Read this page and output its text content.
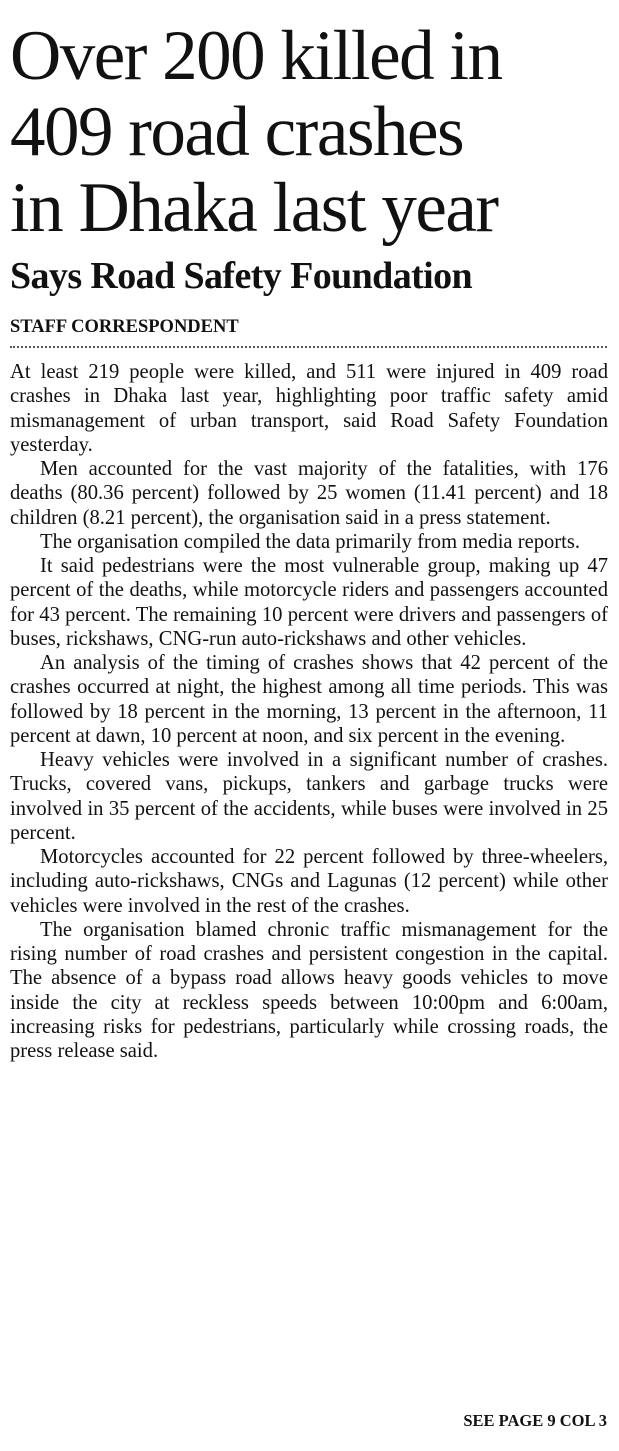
Over 200 killed in
409 road crashes
in Dhaka last year
Says Road Safety Foundation
STAFF CORRESPONDENT

At least 219 people were killed, and 511 were injured in 409 road crashes in Dhaka last year, highlighting poor traffic safety amid mismanagement of urban transport, said Road Safety Foundation yesterday.

Men accounted for the vast majority of the fatalities, with 176 deaths (80.36 percent) followed by 25 women (11.41 percent) and 18 children (8.21 percent), the organisation said in a press statement.

The organisation compiled the data primarily from media reports.

It said pedestrians were the most vulnerable group, making up 47 percent of the deaths, while motorcycle riders and passengers accounted for 43 percent. The remaining 10 percent were drivers and passengers of buses, rickshaws, CNG-run auto-rickshaws and other vehicles.

An analysis of the timing of crashes shows that 42 percent of the crashes occurred at night, the highest among all time periods. This was followed by 18 percent in the morning, 13 percent in the afternoon, 11 percent at dawn, 10 percent at noon, and six percent in the evening.

Heavy vehicles were involved in a significant number of crashes. Trucks, covered vans, pickups, tankers and garbage trucks were involved in 35 percent of the accidents, while buses were involved in 25 percent.

Motorcycles accounted for 22 percent followed by three-wheelers, including auto-rickshaws, CNGs and Lagunas (12 percent) while other vehicles were involved in the rest of the crashes.

The organisation blamed chronic traffic mismanagement for the rising number of road crashes and persistent congestion in the capital. The absence of a bypass road allows heavy goods vehicles to move inside the city at reckless speeds between 10:00pm and 6:00am, increasing risks for pedestrians, particularly while crossing roads, the press release said.

SEE PAGE 9 COL 3
